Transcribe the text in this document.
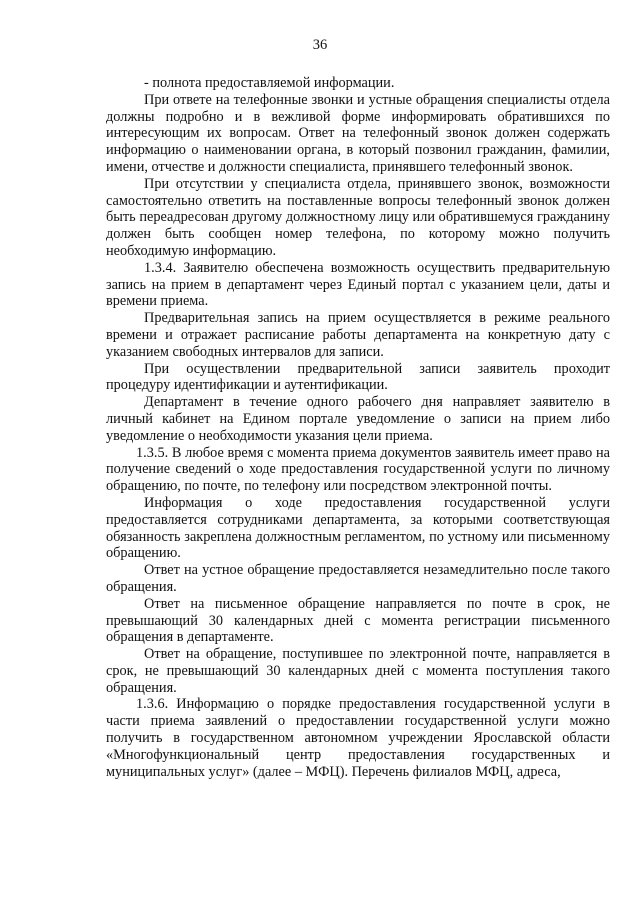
36

- полнота предоставляемой информации.

При ответе на телефонные звонки и устные обращения специалисты отдела должны подробно и в вежливой форме информировать обратившихся по интересующим их вопросам. Ответ на телефонный звонок должен содержать информацию о наименовании органа, в который позвонил гражданин, фамилии, имени, отчестве и должности специалиста, принявшего телефонный звонок.

При отсутствии у специалиста отдела, принявшего звонок, возможности самостоятельно ответить на поставленные вопросы телефонный звонок должен быть переадресован другому должностному лицу или обратившемуся гражданину должен быть сообщен номер телефона, по которому можно получить необходимую информацию.

1.3.4. Заявителю обеспечена возможность осуществить предварительную запись на прием в департамент через Единый портал с указанием цели, даты и времени приема.

Предварительная запись на прием осуществляется в режиме реального времени и отражает расписание работы департамента на конкретную дату с указанием свободных интервалов для записи.

При осуществлении предварительной записи заявитель проходит процедуру идентификации и аутентификации.

Департамент в течение одного рабочего дня направляет заявителю в личный кабинет на Едином портале уведомление о записи на прием либо уведомление о необходимости указания цели приема.

1.3.5. В любое время с момента приема документов заявитель имеет право на получение сведений о ходе предоставления государственной услуги по личному обращению, по почте, по телефону или посредством электронной почты.

Информация о ходе предоставления государственной услуги предоставляется сотрудниками департамента, за которыми соответствующая обязанность закреплена должностным регламентом, по устному или письменному обращению.

Ответ на устное обращение предоставляется незамедлительно после такого обращения.

Ответ на письменное обращение направляется по почте в срок, не превышающий 30 календарных дней с момента регистрации письменного обращения в департаменте.

Ответ на обращение, поступившее по электронной почте, направляется в срок, не превышающий 30 календарных дней с момента поступления такого обращения.

1.3.6. Информацию о порядке предоставления государственной услуги в части приема заявлений о предоставлении государственной услуги можно получить в государственном автономном учреждении Ярославской области «Многофункциональный центр предоставления государственных и муниципальных услуг» (далее – МФЦ). Перечень филиалов МФЦ, адреса,
